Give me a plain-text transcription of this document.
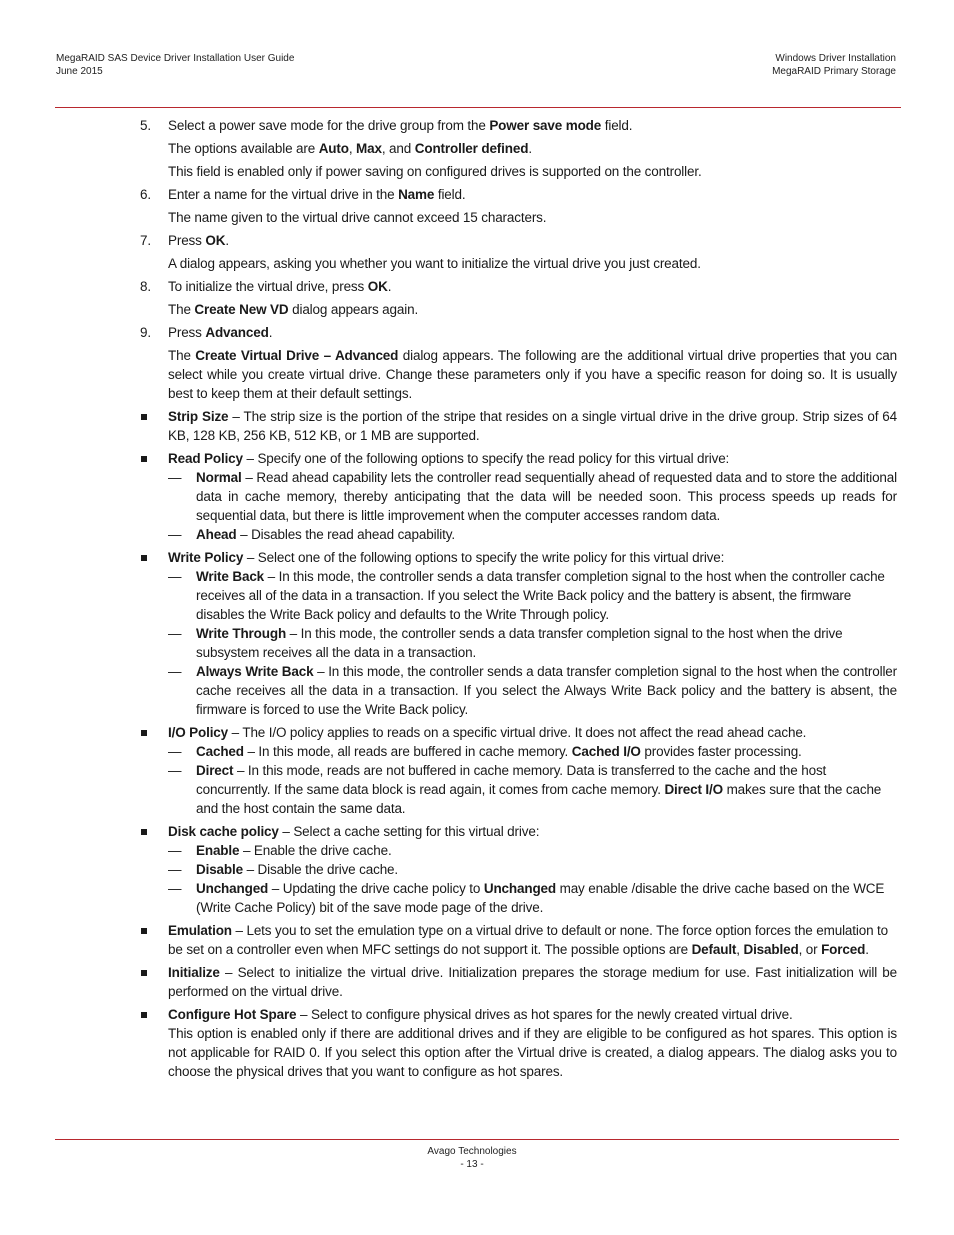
MegaRAID SAS Device Driver Installation User Guide
June 2015
Windows Driver Installation
MegaRAID Primary Storage
5. Select a power save mode for the drive group from the Power save mode field.

The options available are Auto, Max, and Controller defined.

This field is enabled only if power saving on configured drives is supported on the controller.

6. Enter a name for the virtual drive in the Name field.

The name given to the virtual drive cannot exceed 15 characters.

7. Press OK.

A dialog appears, asking you whether you want to initialize the virtual drive you just created.

8. To initialize the virtual drive, press OK.

The Create New VD dialog appears again.

9. Press Advanced.

The Create Virtual Drive – Advanced dialog appears. The following are the additional virtual drive properties that you can select while you create virtual drive. Change these parameters only if you have a specific reason for doing so. It is usually best to keep them at their default settings.

Strip Size – The strip size is the portion of the stripe that resides on a single virtual drive in the drive group. Strip sizes of 64 KB, 128 KB, 256 KB, 512 KB, or 1 MB are supported.
Read Policy – Specify one of the following options to specify the read policy for this virtual drive:
— Normal – Read ahead capability lets the controller read sequentially ahead of requested data and to store the additional data in cache memory, thereby anticipating that the data will be needed soon. This process speeds up reads for sequential data, but there is little improvement when the computer accesses random data.
— Ahead – Disables the read ahead capability.
Write Policy – Select one of the following options to specify the write policy for this virtual drive:
— Write Back – In this mode, the controller sends a data transfer completion signal to the host when the controller cache receives all of the data in a transaction. If you select the Write Back policy and the battery is absent, the firmware disables the Write Back policy and defaults to the Write Through policy.
— Write Through – In this mode, the controller sends a data transfer completion signal to the host when the drive subsystem receives all the data in a transaction.
— Always Write Back – In this mode, the controller sends a data transfer completion signal to the host when the controller cache receives all the data in a transaction. If you select the Always Write Back policy and the battery is absent, the firmware is forced to use the Write Back policy.
I/O Policy – The I/O policy applies to reads on a specific virtual drive. It does not affect the read ahead cache.
— Cached – In this mode, all reads are buffered in cache memory. Cached I/O provides faster processing.
— Direct – In this mode, reads are not buffered in cache memory. Data is transferred to the cache and the host concurrently. If the same data block is read again, it comes from cache memory. Direct I/O makes sure that the cache and the host contain the same data.
Disk cache policy – Select a cache setting for this virtual drive:
— Enable – Enable the drive cache.
— Disable – Disable the drive cache.
— Unchanged – Updating the drive cache policy to Unchanged may enable /disable the drive cache based on the WCE (Write Cache Policy) bit of the save mode page of the drive.
Emulation – Lets you to set the emulation type on a virtual drive to default or none. The force option forces the emulation to be set on a controller even when MFC settings do not support it. The possible options are Default, Disabled, or Forced.
Initialize – Select to initialize the virtual drive. Initialization prepares the storage medium for use. Fast initialization will be performed on the virtual drive.
Configure Hot Spare – Select to configure physical drives as hot spares for the newly created virtual drive.

This option is enabled only if there are additional drives and if they are eligible to be configured as hot spares. This option is not applicable for RAID 0. If you select this option after the Virtual drive is created, a dialog appears. The dialog asks you to choose the physical drives that you want to configure as hot spares.

Avago Technologies
- 13 -
